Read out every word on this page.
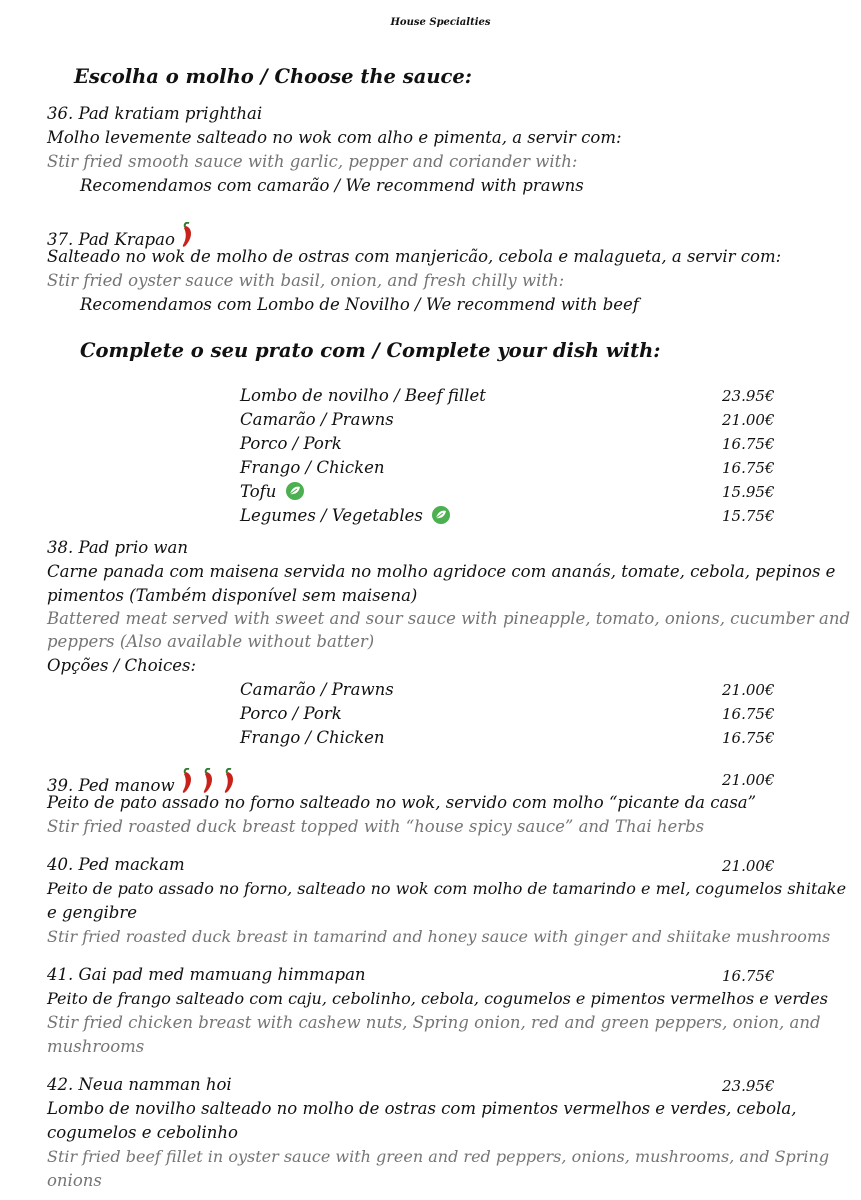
House Specialties
Escolha o molho / Choose the sauce:
36. Pad kratiam prighthai
Molho levemente salteado no wok com alho e pimenta, a servir com:
Stir fried smooth sauce with garlic, pepper and coriander with:
Recomendamos com camarão / We recommend with prawns
37. Pad Krapao
Salteado no wok de molho de ostras com manjericão, cebola e malagueta, a servir com:
Stir fried oyster sauce with basil, onion, and fresh chilly with:
Recomendamos com Lombo de Novilho / We recommend with beef
Complete o seu prato com / Complete your dish with:
Lombo de novilho / Beef fillet	23.95€
Camarão / Prawns	21.00€
Porco / Pork	16.75€
Frango / Chicken	16.75€
Tofu	15.95€
Legumes / Vegetables	15.75€
38. Pad prio wan
Carne panada com maisena servida no molho agridoce com ananás, tomate, cebola, pepinos e
pimentos (Também disponível sem maisena)
Battered meat served with sweet and sour sauce with pineapple, tomato, onions, cucumber and
peppers (Also available without batter)
Opções / Choices:
Camarão / Prawns	21.00€
Porco / Pork	16.75€
Frango / Chicken	16.75€
39. Ped manow	21.00€
Peito de pato assado no forno salteado no wok, servido com molho “picante da casa”
Stir fried roasted duck breast topped with “house spicy sauce” and Thai herbs
40. Ped mackam	21.00€
Peito de pato assado no forno, salteado no wok com molho de tamarindo e mel, cogumelos shitake
e gengibre
Stir fried roasted duck breast in tamarind and honey sauce with ginger and shiitake mushrooms
41. Gai pad med mamuang himmapan	16.75€
Peito de frango salteado com caju, cebolinho, cebola, cogumelos e pimentos vermelhos e verdes
Stir fried chicken breast with cashew nuts, Spring onion, red and green peppers, onion, and
mushrooms
42. Neua namman hoi	23.95€
Lombo de novilho salteado no molho de ostras com pimentos vermelhos e verdes, cebola,
cogumelos e cebolinho
Stir fried beef fillet in oyster sauce with green and red peppers, onions, mushrooms, and Spring
onions
